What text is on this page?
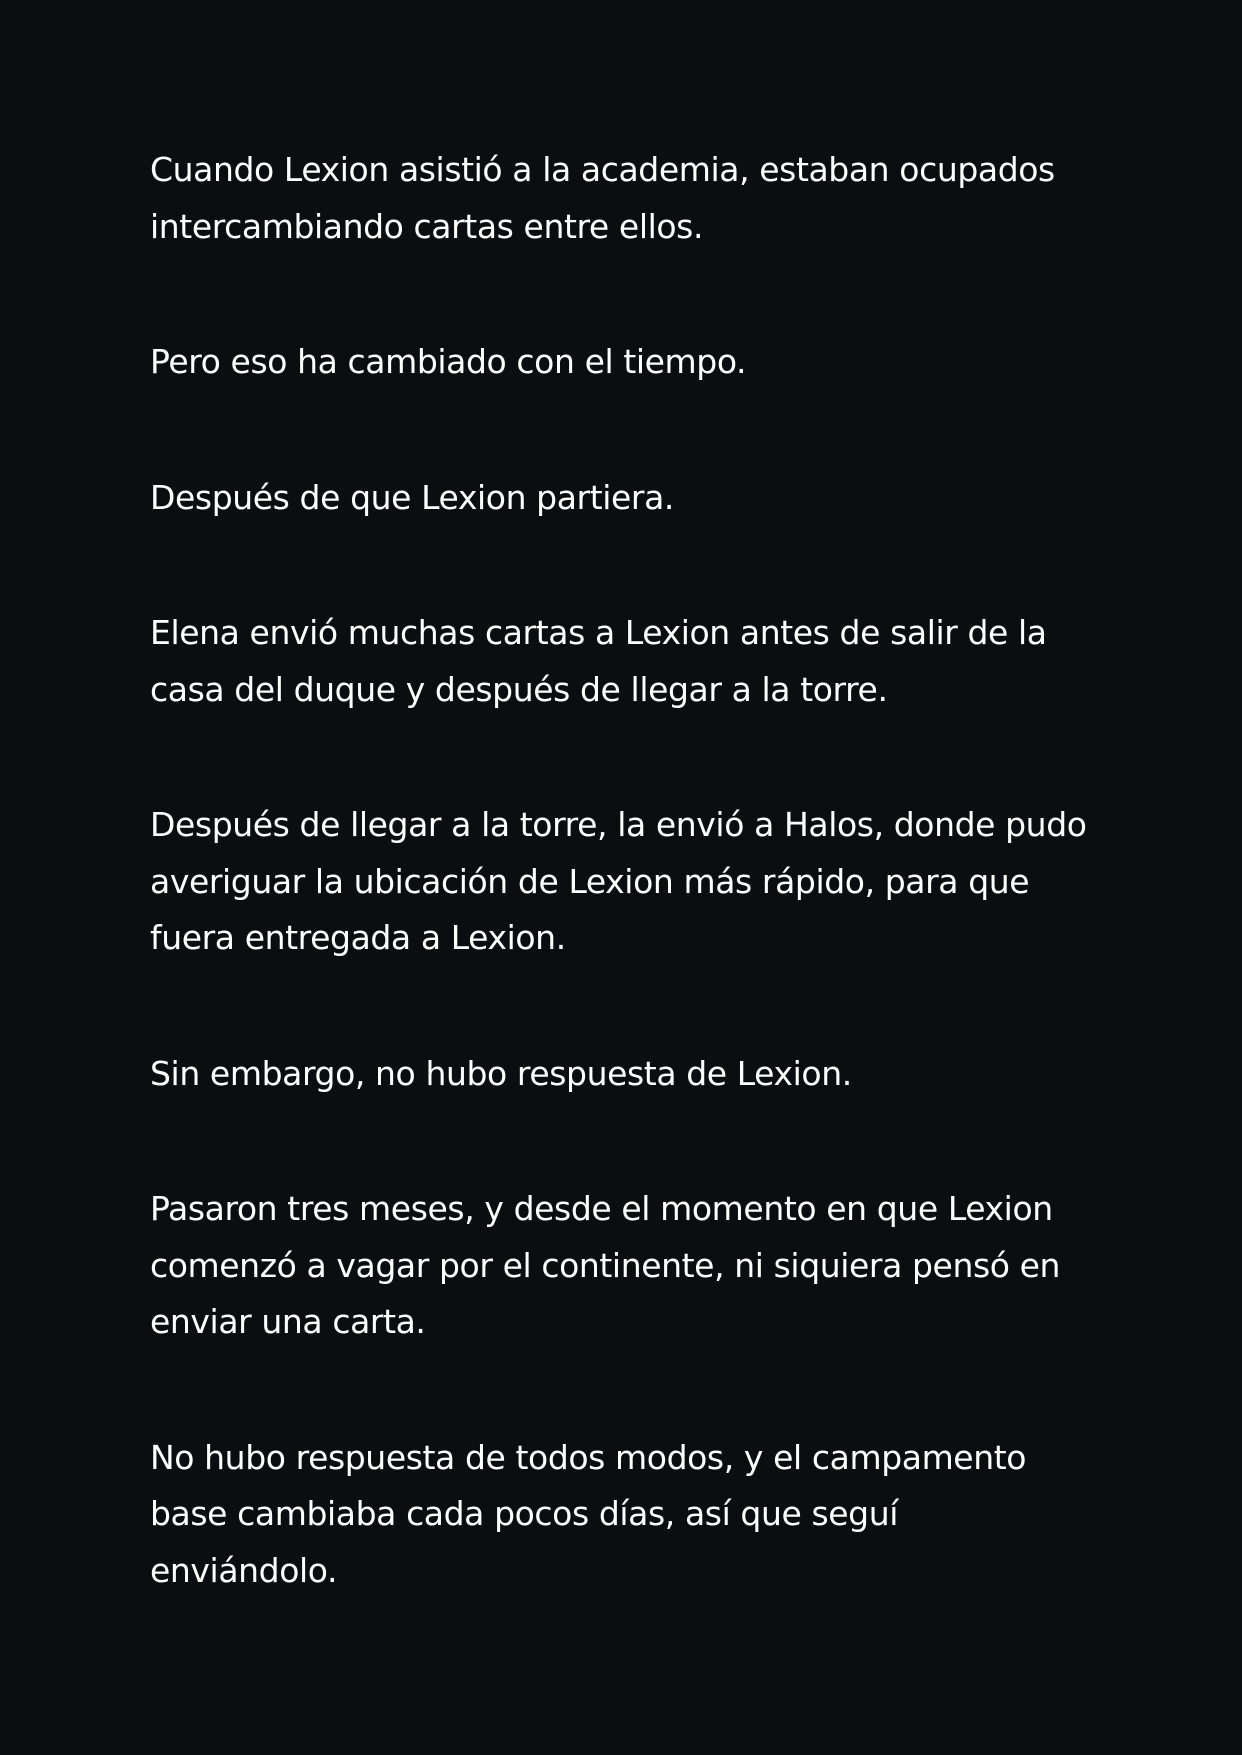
Cuando Lexion asistió a la academia, estaban ocupados intercambiando cartas entre ellos.

Pero eso ha cambiado con el tiempo.

Después de que Lexion partiera.

Elena envió muchas cartas a Lexion antes de salir de la casa del duque y después de llegar a la torre.

Después de llegar a la torre, la envió a Halos, donde pudo averiguar la ubicación de Lexion más rápido, para que fuera entregada a Lexion.

Sin embargo, no hubo respuesta de Lexion.

Pasaron tres meses, y desde el momento en que Lexion comenzó a vagar por el continente, ni siquiera pensó en enviar una carta.

No hubo respuesta de todos modos, y el campamento base cambiaba cada pocos días, así que seguí enviándolo.
